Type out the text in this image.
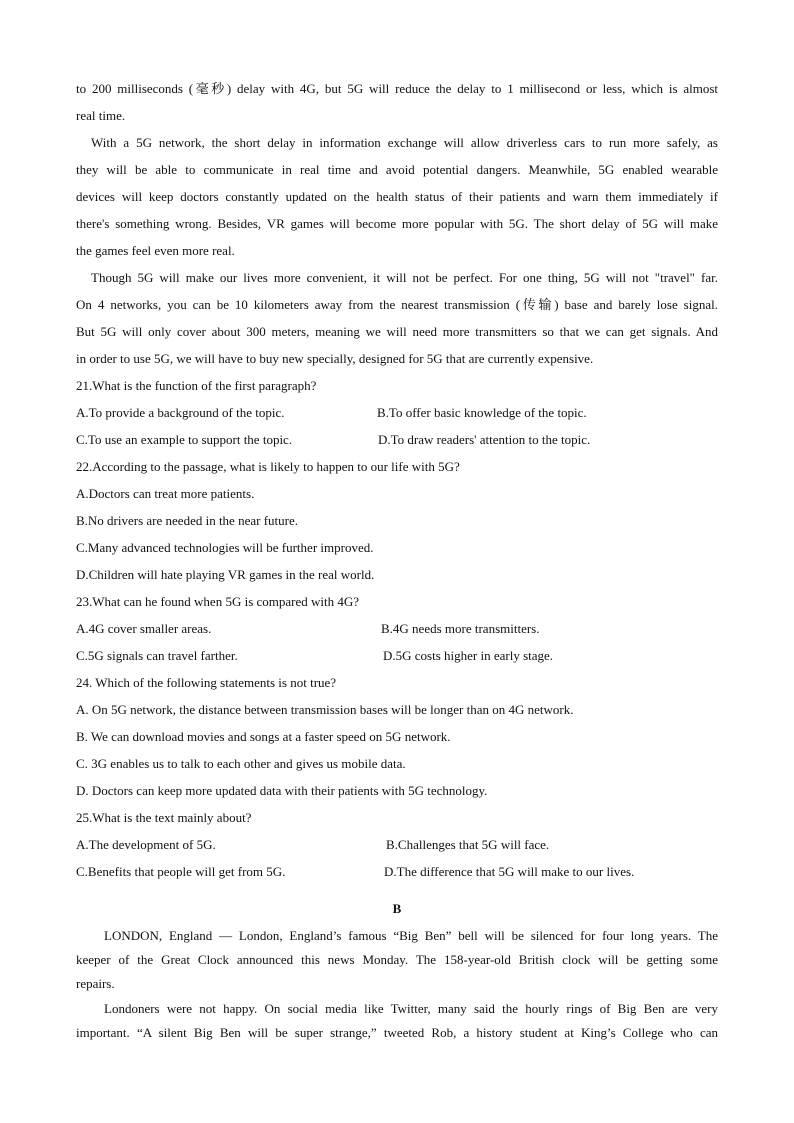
to 200 milliseconds (毫秒) delay with 4G, but 5G will reduce the delay to 1 millisecond or less, which is almost
real time.
With a 5G network, the short delay in information exchange will allow driverless cars to run more safely, as
they will be able to communicate in real time and avoid potential dangers. Meanwhile, 5G enabled wearable
devices will keep doctors constantly updated on the health status of their patients and warn them immediately if
there's something wrong. Besides, VR games will become more popular with 5G. The short delay of 5G will make
the games feel even more real.
Though 5G will make our lives more convenient, it will not be perfect. For one thing, 5G will not "travel" far.
On 4 networks, you can be 10 kilometers away from the nearest transmission (传输) base and barely lose signal.
But 5G will only cover about 300 meters, meaning we will need more transmitters so that we can get signals. And
in order to use 5G, we will have to buy new specially, designed for 5G that are currently expensive.
21.What is the function of the first paragraph?
A.To provide a background of the topic.	B.To offer basic knowledge of the topic.
C.To use an example to support the topic.	D.To draw readers' attention to the topic.
22.According to the passage, what is likely to happen to our life with 5G?
A.Doctors can treat more patients.
B.No drivers are needed in the near future.
C.Many advanced technologies will be further improved.
D.Children will hate playing VR games in the real world.
23.What can he found when 5G is compared with 4G?
A.4G cover smaller areas.	B.4G needs more transmitters.
C.5G signals can travel farther.	D.5G costs higher in early stage.
24. Which of the following statements is not true?
A. On 5G network, the distance between transmission bases will be longer than on 4G network.
B. We can download movies and songs at a faster speed on 5G network.
C. 3G enables us to talk to each other and gives us mobile data.
D. Doctors can keep more updated data with their patients with 5G technology.
25.What is the text mainly about?
A.The development of 5G.	B.Challenges that 5G will face.
C.Benefits that people will get from 5G.	D.The difference that 5G will make to our lives.
B
LONDON, England — London, England’s famous “Big Ben” bell will be silenced for four long years. The
keeper of the Great Clock announced this news Monday. The 158-year-old British clock will be getting some
repairs.
Londoners were not happy. On social media like Twitter, many said the hourly rings of Big Ben are very
important. “A silent Big Ben will be super strange,” tweeted Rob, a history student at King’s College who can
